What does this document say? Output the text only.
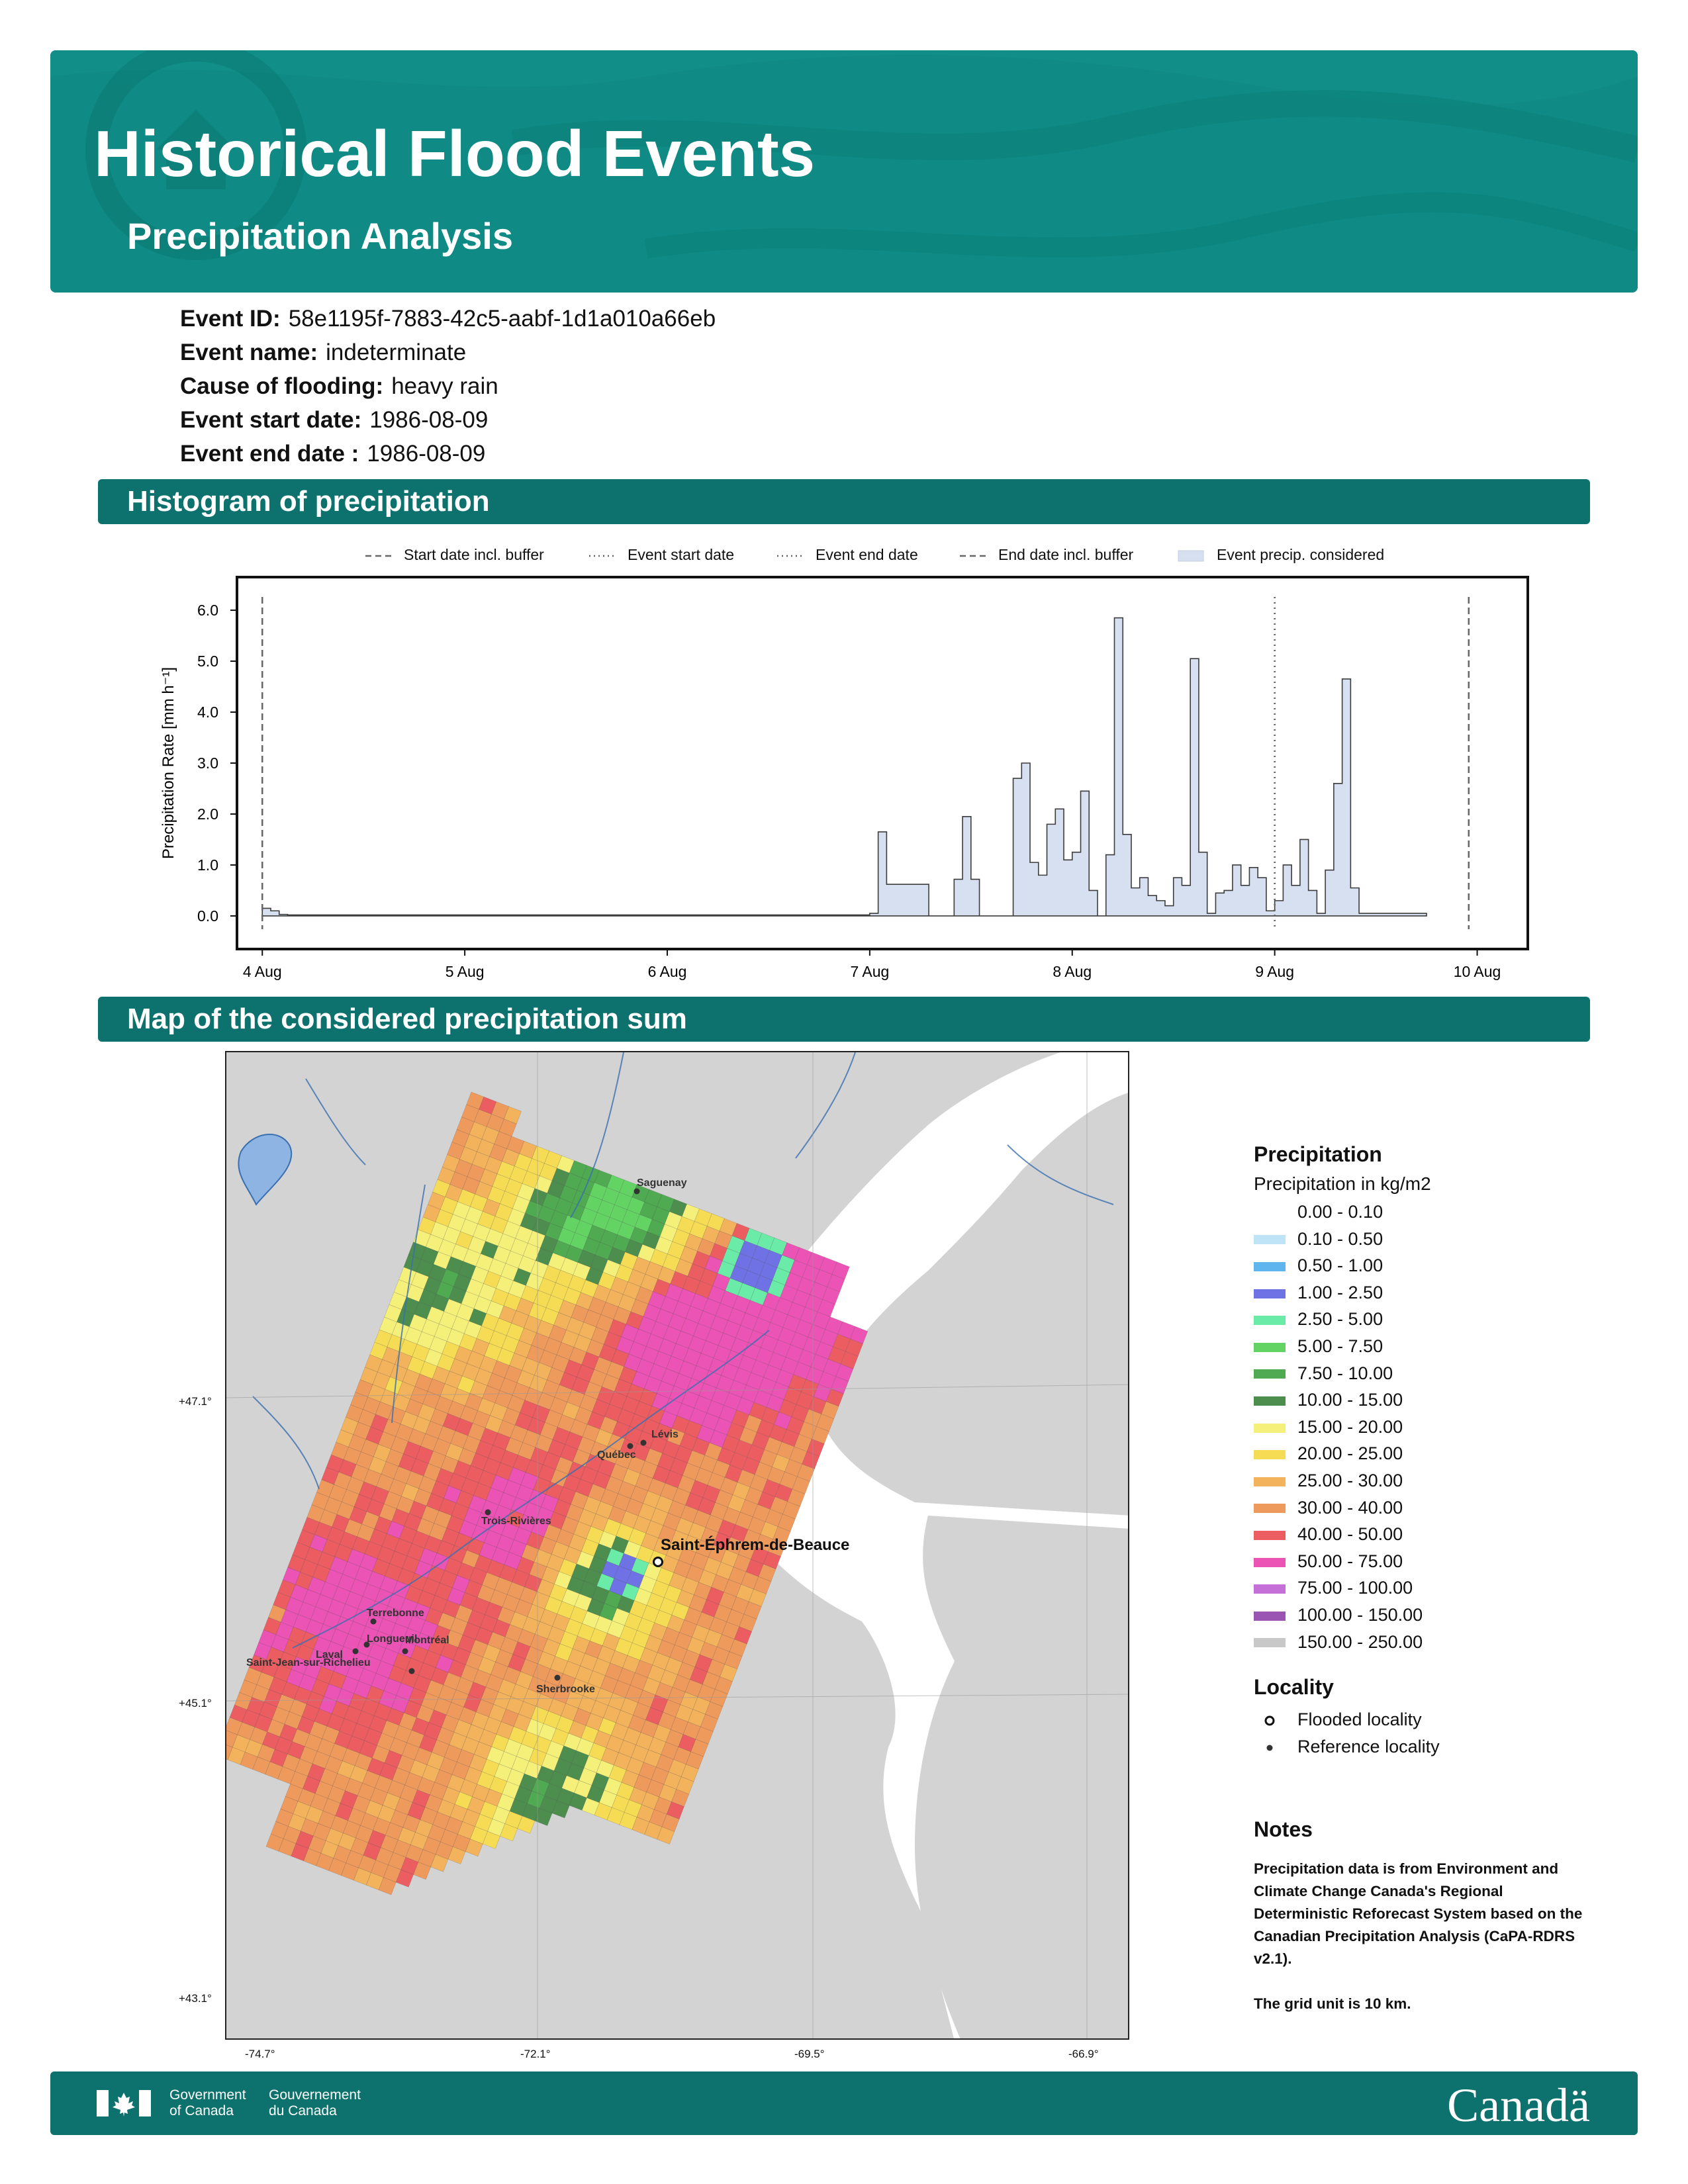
Historical Flood Events
Precipitation Analysis
Event ID: 58e1195f-7883-42c5-aabf-1d1a010a66eb
Event name: indeterminate
Cause of flooding: heavy rain
Event start date: 1986-08-09
Event end date : 1986-08-09
Histogram of precipitation
Start date incl. buffer	Event start date	Event end date	End date incl. buffer	Event precip. considered
0.0
1.0
2.0
3.0
4.0
5.0
6.0
4 Aug	5 Aug	6 Aug	7 Aug	8 Aug	9 Aug	10 Aug
Precipitation Rate [mm h⁻¹]
Map of the considered precipitation sum
Saguenay
Lévis
Québec
Trois-Rivières
Terrebonne
Longueuil
Laval
Montréal
Saint-Jean-sur-Richelieu
Sherbrooke
Saint-Éphrem-de-Beauce
+47.1°
+45.1°
+43.1°
-74.7°	-72.1°	-69.5°	-66.9°
Precipitation
Precipitation in kg/m2
0.00 - 0.10
0.10 - 0.50
0.50 - 1.00
1.00 - 2.50
2.50 - 5.00
5.00 - 7.50
7.50 - 10.00
10.00 - 15.00
15.00 - 20.00
20.00 - 25.00
25.00 - 30.00
30.00 - 40.00
40.00 - 50.00
50.00 - 75.00
75.00 - 100.00
100.00 - 150.00
150.00 - 250.00
Locality
Flooded locality
Reference locality
Notes

Precipitation data is from Environment and Climate Change Canada's Regional Deterministic Reforecast System based on the Canadian Precipitation Analysis (CaPA-RDRS v2.1).

The grid unit is 10 km.

Government
of Canada
Gouvernement
du Canada	Canadä
